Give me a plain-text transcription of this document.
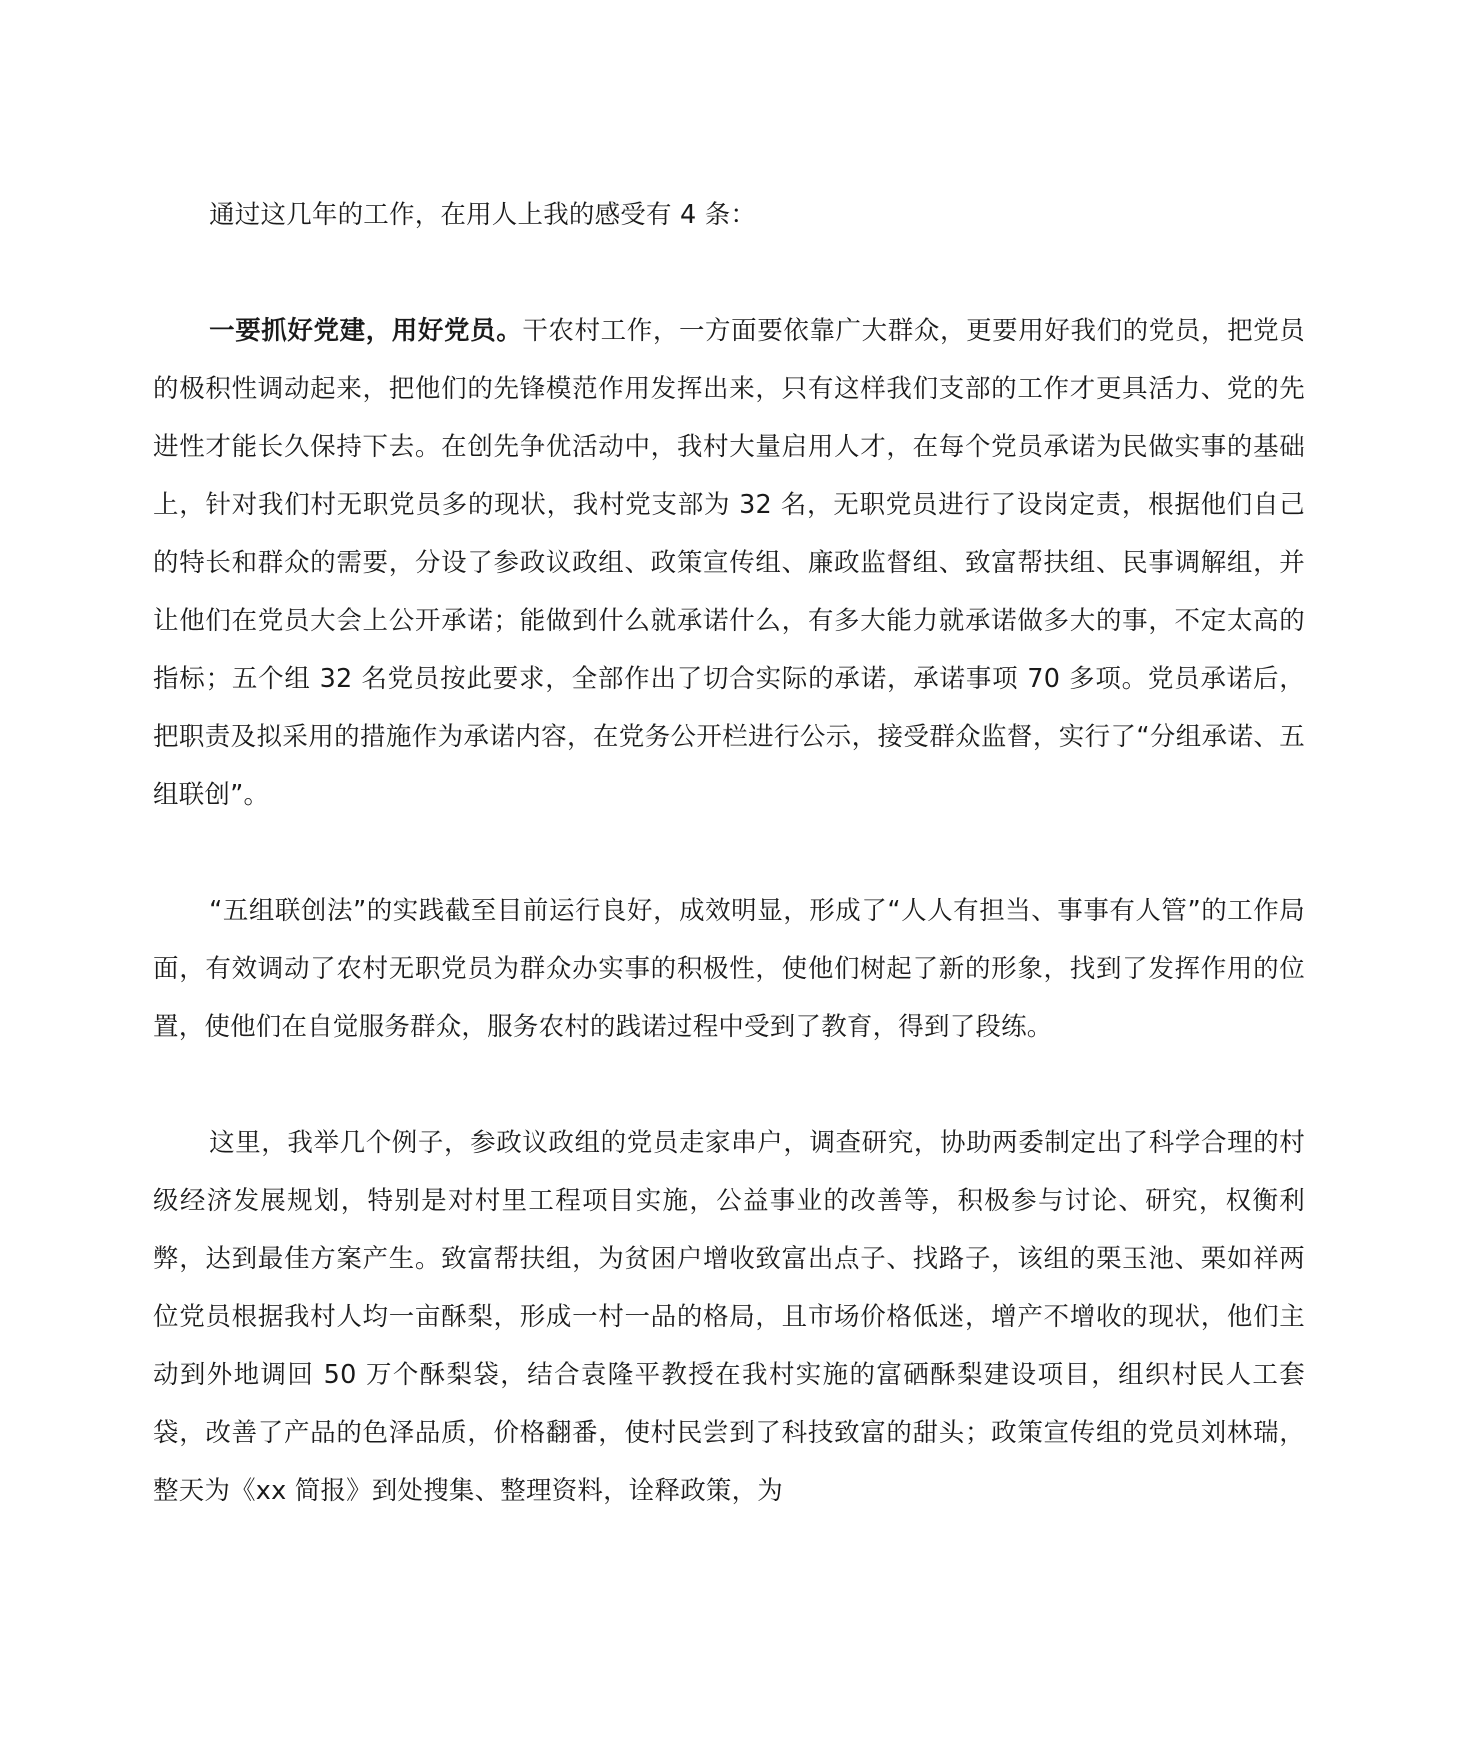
通过这几年的工作，在用人上我的感受有 4 条：

一要抓好党建，用好党员。干农村工作，一方面要依靠广大群众，更要用好我们的党员，把党员的极积性调动起来，把他们的先锋模范作用发挥出来，只有这样我们支部的工作才更具活力、党的先进性才能长久保持下去。在创先争优活动中，我村大量启用人才，在每个党员承诺为民做实事的基础上，针对我们村无职党员多的现状，我村党支部为 32 名，无职党员进行了设岗定责，根据他们自己的特长和群众的需要，分设了参政议政组、政策宣传组、廉政监督组、致富帮扶组、民事调解组，并让他们在党员大会上公开承诺；能做到什么就承诺什么，有多大能力就承诺做多大的事，不定太高的指标；五个组 32 名党员按此要求，全部作出了切合实际的承诺，承诺事项 70 多项。党员承诺后，把职责及拟采用的措施作为承诺内容，在党务公开栏进行公示，接受群众监督，实行了“分组承诺、五组联创”。

“五组联创法”的实践截至目前运行良好，成效明显，形成了“人人有担当、事事有人管”的工作局面，有效调动了农村无职党员为群众办实事的积极性，使他们树起了新的形象，找到了发挥作用的位置，使他们在自觉服务群众，服务农村的践诺过程中受到了教育，得到了段练。

这里，我举几个例子，参政议政组的党员走家串户，调查研究，协助两委制定出了科学合理的村级经济发展规划，特别是对村里工程项目实施，公益事业的改善等，积极参与讨论、研究，权衡利弊，达到最佳方案产生。致富帮扶组，为贫困户增收致富出点子、找路子，该组的栗玉池、栗如祥两位党员根据我村人均一亩酥梨，形成一村一品的格局，且市场价格低迷，增产不增收的现状，他们主动到外地调回 50 万个酥梨袋，结合袁隆平教授在我村实施的富硒酥梨建设项目，组织村民人工套袋，改善了产品的色泽品质，价格翻番，使村民尝到了科技致富的甜头；政策宣传组的党员刘林瑞，整天为《xx 简报》到处搜集、整理资料，诠释政策，为
